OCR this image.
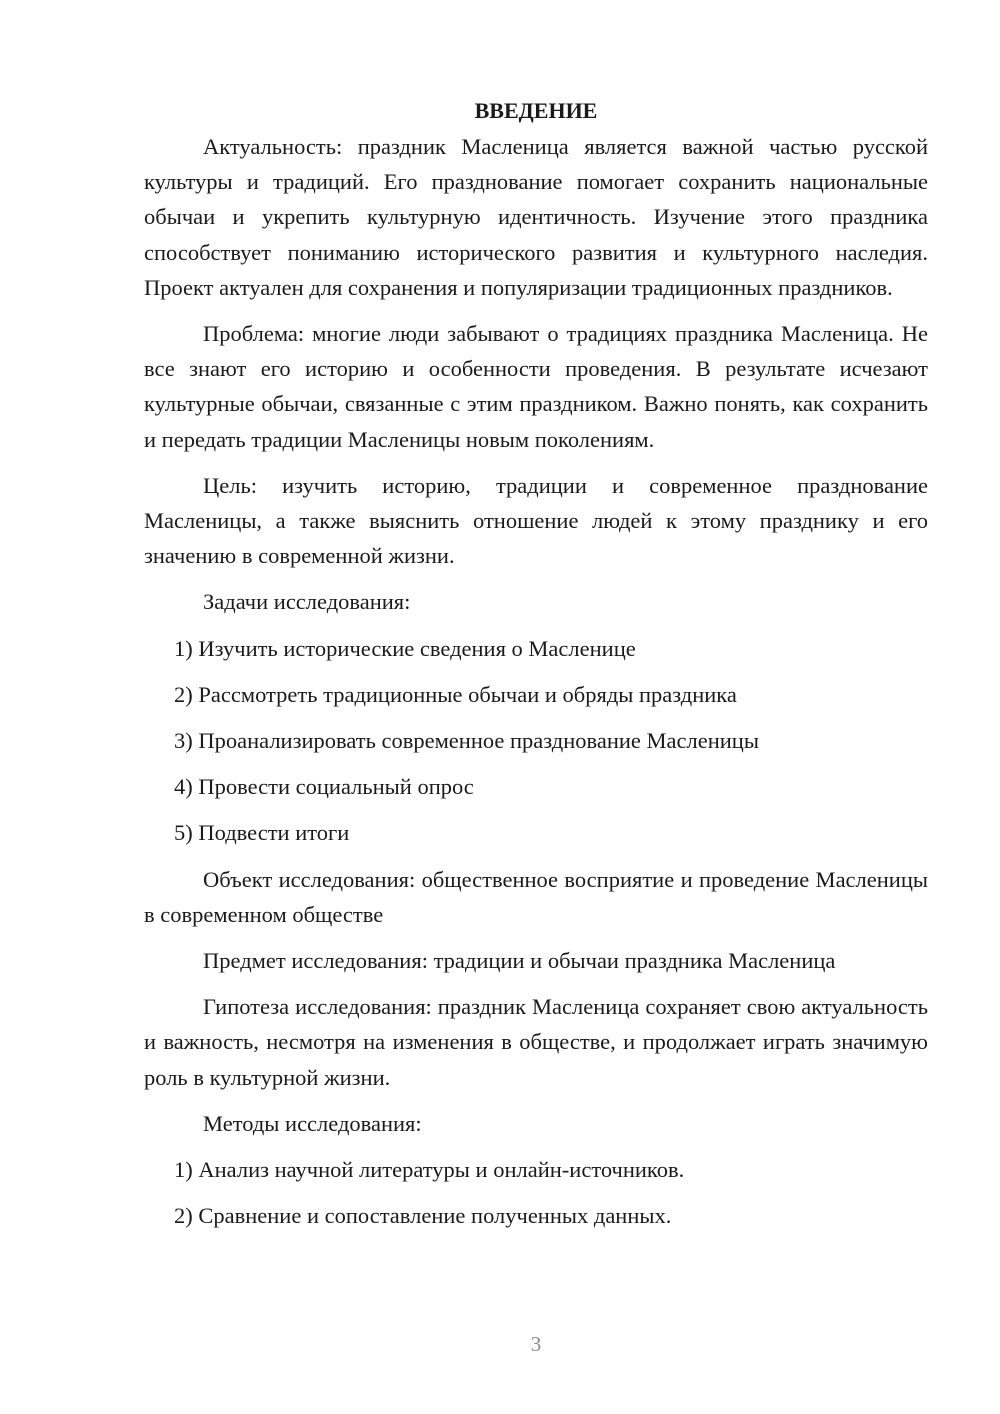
ВВЕДЕНИЕ

Актуальность: праздник Масленица является важной частью русской культуры и традиций. Его празднование помогает сохранить национальные обычаи и укрепить культурную идентичность. Изучение этого праздника способствует пониманию исторического развития и культурного наследия. Проект актуален для сохранения и популяризации традиционных праздников.

Проблема: многие люди забывают о традициях праздника Масленица. Не все знают его историю и особенности проведения. В результате исчезают культурные обычаи, связанные с этим праздником. Важно понять, как сохранить и передать традиции Масленицы новым поколениям.

Цель: изучить историю, традиции и современное празднование Масленицы, а также выяснить отношение людей к этому празднику и его значению в современной жизни.

Задачи исследования:

1) Изучить исторические сведения о Масленице
2) Рассмотреть традиционные обычаи и обряды праздника
3) Проанализировать современное празднование Масленицы
4) Провести социальный опрос
5) Подвести итоги

Объект исследования: общественное восприятие и проведение Масленицы в современном обществе

Предмет исследования: традиции и обычаи праздника Масленица

Гипотеза исследования: праздник Масленица сохраняет свою актуальность и важность, несмотря на изменения в обществе, и продолжает играть значимую роль в культурной жизни.

Методы исследования:

1) Анализ научной литературы и онлайн-источников.
2) Сравнение и сопоставление полученных данных.
3
